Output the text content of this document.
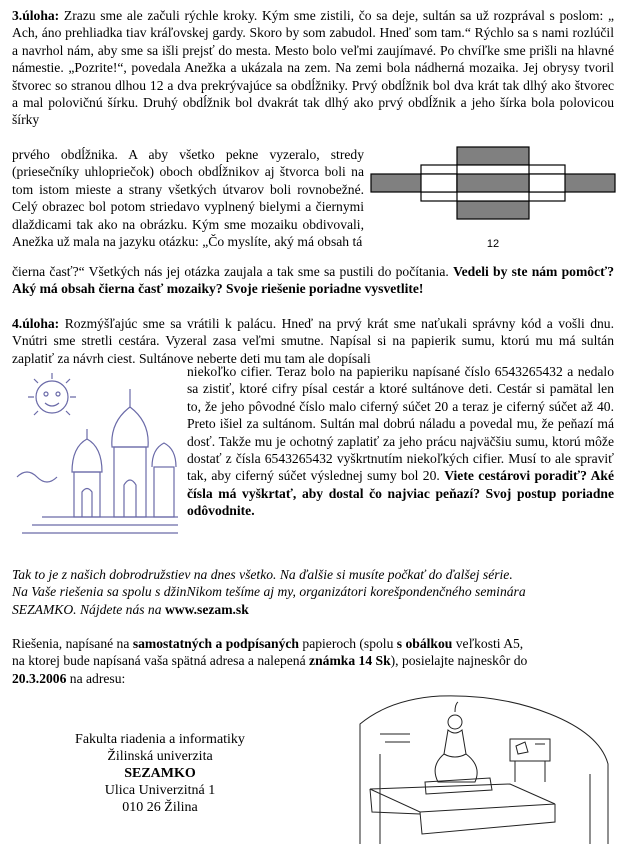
3.úloha: Zrazu sme ale začuli rýchle kroky. Kým sme zistili, čo sa deje, sultán sa už rozprával s poslom: „ Ach, áno prehliadka tiav kráľovskej gardy. Skoro by som zabudol. Hneď som tam.“ Rýchlo sa s nami rozlúčil a navrhol nám, aby sme sa išli prejsť do mesta. Mesto bolo veľmi zaujímavé. Po chvíľke sme prišli na hlavné námestie. „Pozrite!“, povedala Anežka a ukázala na zem. Na zemi bola nádherná mozaika. Jej obrysy tvoril štvorec so stranou dlhou 12 a dva prekrývajúce sa obdĺžniky. Prvý obdĺžnik bol dva krát tak dlhý ako štvorec a mal polovičnú šírku. Druhý obdĺžnik bol dvakrát tak dlhý ako prvý obdĺžnik a jeho šírka bola polovicou šírky
prvého obdĺžnika. A aby všetko pekne vyzeralo, stredy (priesečníky uhlopriečok) oboch obdĺžnikov aj štvorca boli na tom istom mieste a strany všetkých útvarov boli rovnobežné. Celý obrazec bol potom striedavo vyplnený bielymi a čiernymi dlaždicami tak ako na obrázku. Kým sme mozaiku obdivovali, Anežka už mala na jazyku otázku: „Čo myslíte, aký má obsah tá	12
čierna časť?“ Všetkých nás jej otázka zaujala a tak sme sa pustili do počítania. Vedeli by ste nám pomôcť? Aký má obsah čierna časť mozaiky? Svoje riešenie poriadne vysvetlite!
4.úloha: Rozmýšľajúc sme sa vrátili k palácu. Hneď na prvý krát sme naťukali správny kód a vošli dnu. Vnútri sme stretli cestára. Vyzeral zasa veľmi smutne. Napísal si na papierik sumu, ktorú mu má sultán zaplatiť za návrh ciest. Sultánove neberte deti mu tam ale dopísali
niekoľko cifier. Teraz bolo na papieriku napísané číslo 6543265432 a nedalo sa zistiť, ktoré cifry písal cestár a ktoré sultánove deti. Cestár si pamätal len to, že jeho pôvodné číslo malo ciferný súčet 20 a teraz je ciferný súčet až 40. Preto išiel za sultánom. Sultán mal dobrú náladu a povedal mu, že peňazí má dosť. Takže mu je ochotný zaplatiť za jeho prácu najväčšiu sumu, ktorú môže dostať z čísla 6543265432 vyškrtnutím niekoľkých cifier. Musí to ale spraviť tak, aby ciferný súčet výslednej sumy bol 20. Viete cestárovi poradiť? Aké čísla má vyškrtať, aby dostal čo najviac peňazí? Svoj postup poriadne odôvodnite.
Tak to je z našich dobrodružstiev na dnes všetko. Na ďalšie si musíte počkať do ďalšej série.
Na Vaše riešenia sa spolu s džinNikom tešíme aj my, organizátori korešpondenčného seminára
SEZAMKO. Nájdete nás na www.sezam.sk
Riešenia, napísané na samostatných a podpísaných papieroch (spolu s obálkou veľkosti A5,
na ktorej bude napísaná vaša spätná adresa a nalepená známka 14 Sk), posielajte najneskôr do
20.3.2006 na adresu:
Fakulta riadenia a informatiky
Žilinská univerzita
SEZAMKO
Ulica Univerzitná 1
010 26 Žilina
